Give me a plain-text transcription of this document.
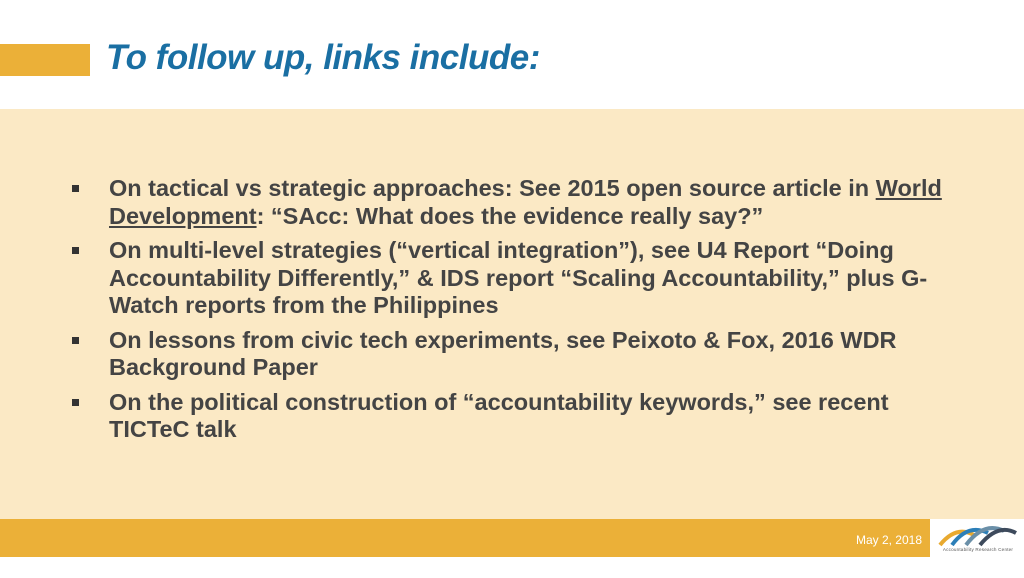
To follow up, links include:
On tactical vs strategic approaches: See 2015 open source article in World Development: “SAcc: What does the evidence really say?”
On multi-level strategies (“vertical integration”), see U4 Report “Doing Accountability Differently,” & IDS report “Scaling Accountability,” plus G-Watch reports from the Philippines
On lessons from civic tech experiments, see Peixoto & Fox, 2016 WDR Background Paper
On the political construction of “accountability keywords,” see recent TICTeC talk
May 2, 2018
Accountability Research Center
